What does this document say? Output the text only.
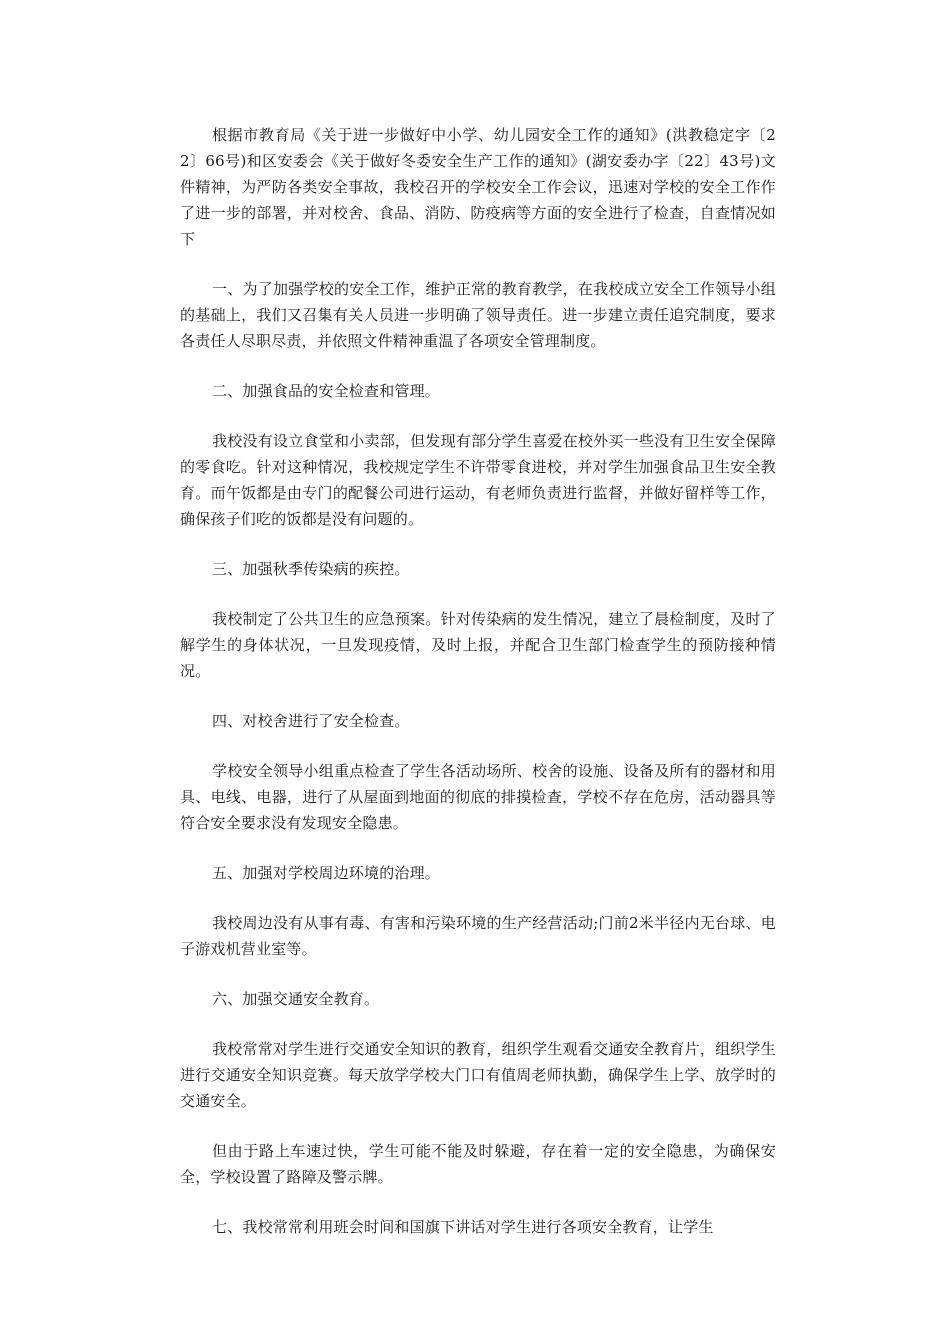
根据市教育局《关于进一步做好中小学、幼儿园安全工作的通知》(洪教稳定字〔22〕66号)和区安委会《关于做好冬委安全生产工作的通知》(湖安委办字〔22〕43号)文件精神，为严防各类安全事故，我校召开的学校安全工作会议，迅速对学校的安全工作作了进一步的部署，并对校舍、食品、消防、防疫病等方面的安全进行了检查，自查情况如下

一、为了加强学校的安全工作，维护正常的教育教学，在我校成立安全工作领导小组的基础上，我们又召集有关人员进一步明确了领导责任。进一步建立责任追究制度，要求各责任人尽职尽责，并依照文件精神重温了各项安全管理制度。

二、加强食品的安全检查和管理。

我校没有设立食堂和小卖部，但发现有部分学生喜爱在校外买一些没有卫生安全保障的零食吃。针对这种情况，我校规定学生不许带零食进校，并对学生加强食品卫生安全教育。而午饭都是由专门的配餐公司进行运动，有老师负责进行监督，并做好留样等工作，确保孩子们吃的饭都是没有问题的。

三、加强秋季传染病的疾控。

我校制定了公共卫生的应急预案。针对传染病的发生情况，建立了晨检制度，及时了解学生的身体状况，一旦发现疫情，及时上报，并配合卫生部门检查学生的预防接种情况。

四、对校舍进行了安全检查。

学校安全领导小组重点检查了学生各活动场所、校舍的设施、设备及所有的器材和用具、电线、电器，进行了从屋面到地面的彻底的排摸检查，学校不存在危房，活动器具等符合安全要求没有发现安全隐患。

五、加强对学校周边环境的治理。

我校周边没有从事有毒、有害和污染环境的生产经营活动;门前2米半径内无台球、电子游戏机营业室等。

六、加强交通安全教育。

我校常常对学生进行交通安全知识的教育，组织学生观看交通安全教育片，组织学生进行交通安全知识竞赛。每天放学学校大门口有值周老师执勤，确保学生上学、放学时的交通安全。

但由于路上车速过快，学生可能不能及时躲避，存在着一定的安全隐患，为确保安全，学校设置了路障及警示牌。

七、我校常常利用班会时间和国旗下讲话对学生进行各项安全教育，让学生
